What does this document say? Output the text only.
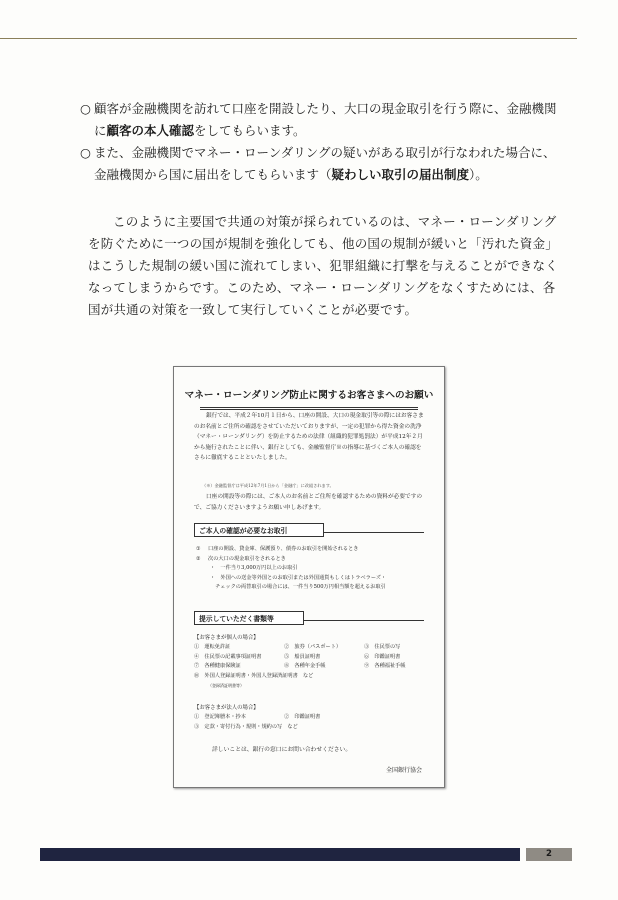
○ 顧客が金融機関を訪れて口座を開設したり、大口の現金取引を行う際に、金融機関に顧客の本人確認をしてもらいます。
○ また、金融機関でマネー・ローンダリングの疑いがある取引が行なわれた場合に、金融機関から国に届出をしてもらいます（疑わしい取引の届出制度）。
このように主要国で共通の対策が採られているのは、マネー・ローンダリングを防ぐために一つの国が規制を強化しても、他の国の規制が緩いと「汚れた資金」はこうした規制の緩い国に流れてしまい、犯罪組織に打撃を与えることができなくなってしまうからです。このため、マネー・ローンダリングをなくすためには、各国が共通の対策を一致して実行していくことが必要です。
マネー・ローンダリング防止に関するお客さまへのお願い
銀行では、平成２年10月１日から、口座の開設、大口の現金取引等の際にはお客さまのお名前とご住所の確認をさせていただいておりますが、一定の犯罪から得た資金の洗浄（マネー・ローンダリング）を防止するための法律（組織的犯罪処罰法）が平成12年２月から施行されたことに伴い、銀行としても、金融監督庁※の指導に基づくご本人の確認をさらに徹底することといたしました。
（※）金融監督庁は平成12年7月1日から「金融庁」に改組されます。
口座の開設等の際には、ご本人のお名前とご住所を確認するための資料が必要ですので、ご協力くださいますようお願い申しあげます。
ご本人の確認が必要なお取引
①	口座の開設、貸金庫、保護預り、債券のお取引を開始されるとき
②	次の大口の現金取引をされるとき
・　一件当り3,000万円以上のお取引
・　外国への送金等外国とのお取引または外国通貨もしくはトラベラーズ・
　チェックの両替取引の場合には、一件当り500万円相当額を超えるお取引
提示していただく書類等
【お客さまが個人の場合】
①　運転免許証	②　旅券（パスポート）	③　住民票の写
④　住民票の記載事項証明書	⑤　船員証明書	⑥　印鑑証明書
⑦　各種健康保険証	⑧　各種年金手帳	⑨　各種福祉手帳
⑩　外国人登録証明書・外国人登録済証明書　など
（登録済証明書等）
【お客さまが法人の場合】
①　登記簿謄本・抄本	②　印鑑証明書
③　定款・寄付行為・規則・規約の写　など
詳しいことは、銀行の窓口にお問い合わせください。
全国銀行協会
2
